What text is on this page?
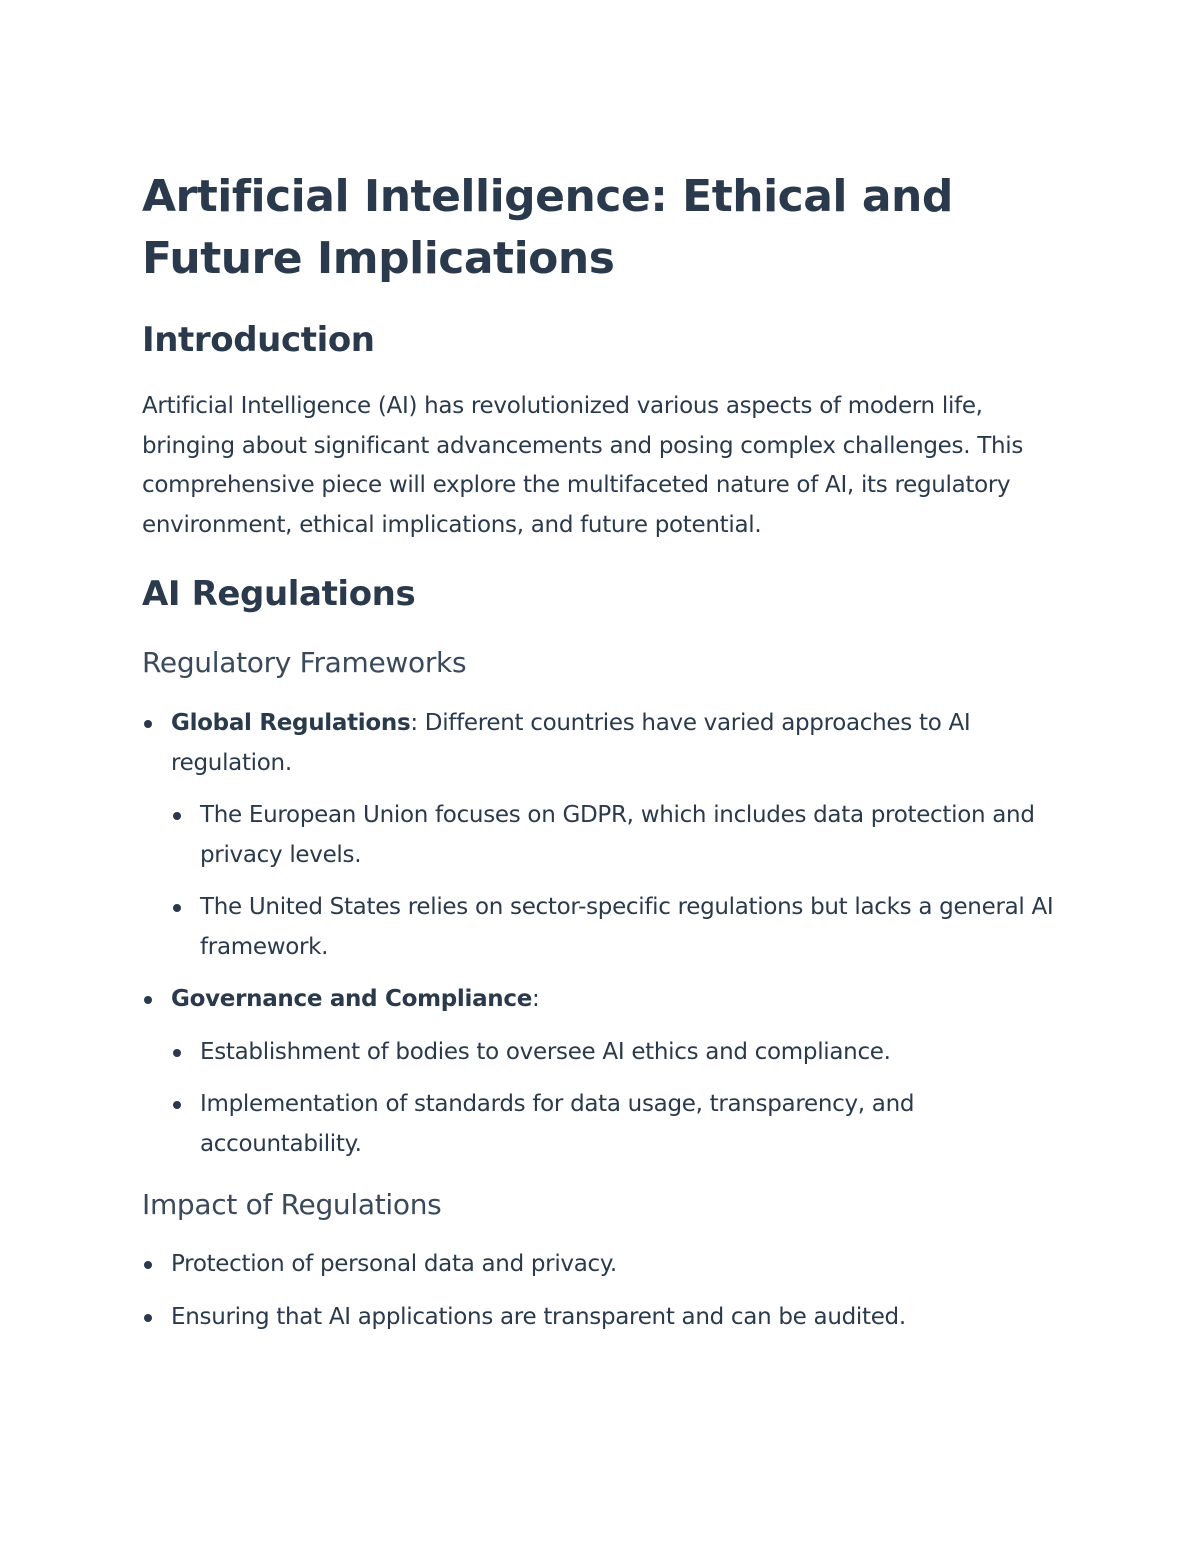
Artificial Intelligence: Ethical and Future Implications
Introduction

Artificial Intelligence (AI) has revolutionized various aspects of modern life, bringing about significant advancements and posing complex challenges. This comprehensive piece will explore the multifaceted nature of AI, its regulatory environment, ethical implications, and future potential.

AI Regulations
Regulatory Frameworks
Global Regulations: Different countries have varied approaches to AI regulation.
The European Union focuses on GDPR, which includes data protection and privacy levels.
The United States relies on sector-specific regulations but lacks a general AI framework.
Governance and Compliance:
Establishment of bodies to oversee AI ethics and compliance.
Implementation of standards for data usage, transparency, and accountability.
Impact of Regulations
Protection of personal data and privacy.
Ensuring that AI applications are transparent and can be audited.
